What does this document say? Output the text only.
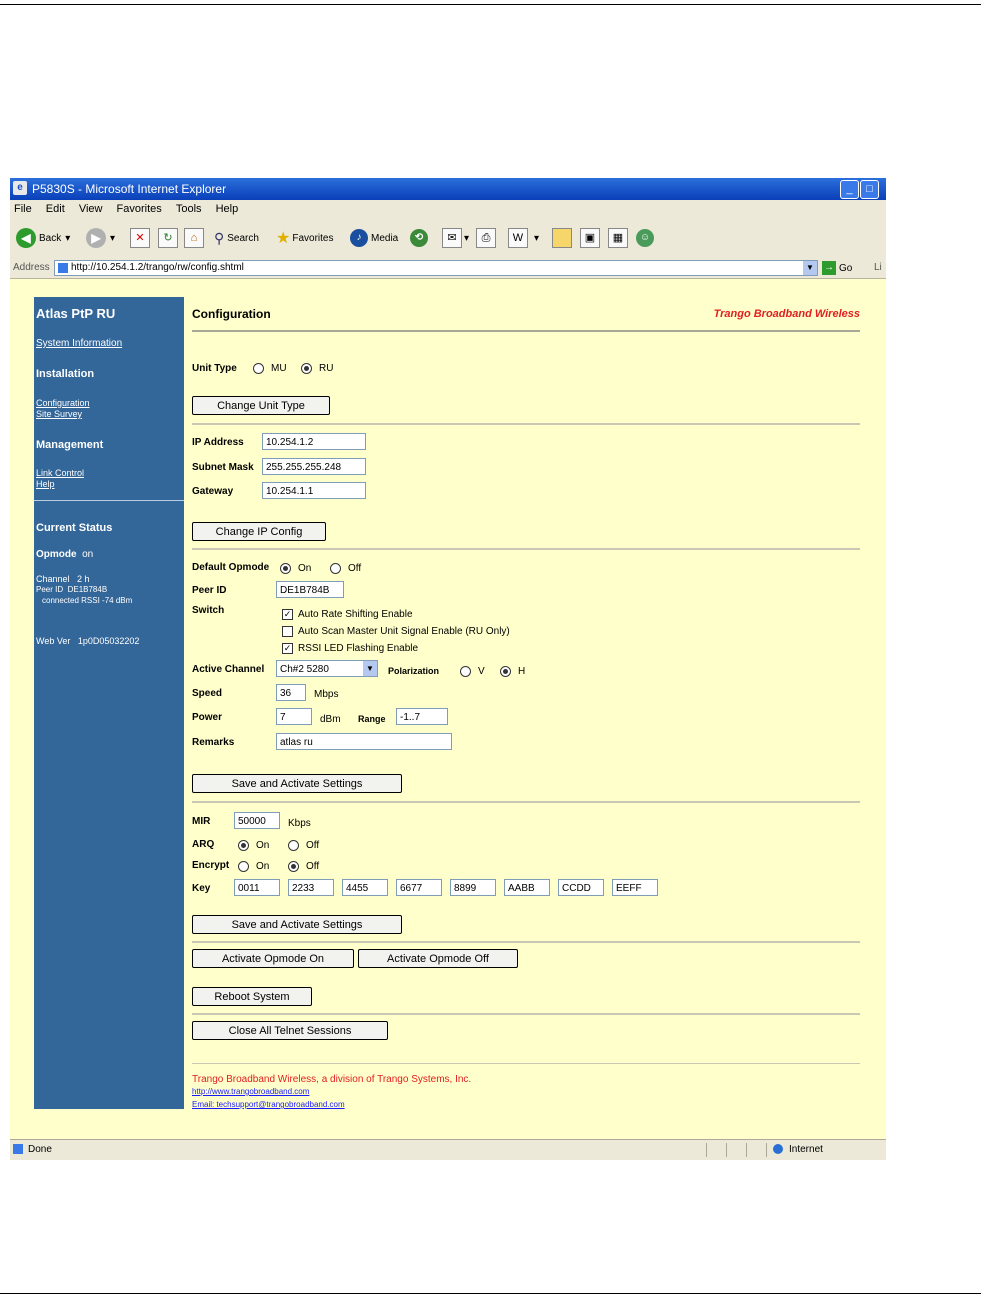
e P5830S - Microsoft Internet Explorer	_	□
File Edit View Favorites Tools Help
◀ Back ▾	▶ ▾	✕	↻	⌂	⚲ Search ★ Favorites	♪ Media	⟲	✉ ▾	⎙	W	▾	▣	▦	☺
Address	http://10.254.1.2/trango/rw/config.shtml	▼	→ Go Li
Atlas PtP RU
System Information
Installation
Configuration
Site Survey
Management
Link Control
Help
Current Status
Opmode on
Channel 2 h
Peer ID DE1B784B
connected RSSI -74 dBm
Web Ver 1p0D05032202
Configuration	Trango Broadband Wireless
Unit Type	MU	RU
Change Unit Type
IP Address	10.254.1.2
Subnet Mask	255.255.255.248
Gateway	10.254.1.1
Change IP Config
Default Opmode	On	Off
Peer ID	DE1B784B
Switch	✓ Auto Rate Shifting Enable
Auto Scan Master Unit Signal Enable (RU Only)
✓ RSSI LED Flashing Enable
Active Channel	Ch#2 5280	▼	Polarization	V	H
Speed	36	Mbps
Power	7	dBm Range	-1..7
Remarks	atlas ru
Save and Activate Settings
MIR	50000	Kbps
ARQ	On	Off
Encrypt	On	Off
Key	0011	2233	4455	6677	8899	AABB	CCDD	EEFF
Save and Activate Settings
Activate Opmode On	Activate Opmode Off
Reboot System
Close All Telnet Sessions
Trango Broadband Wireless, a division of Trango Systems, Inc.
http://www.trangobroadband.com
Email: techsupport@trangobroadband.com
Done	Internet
